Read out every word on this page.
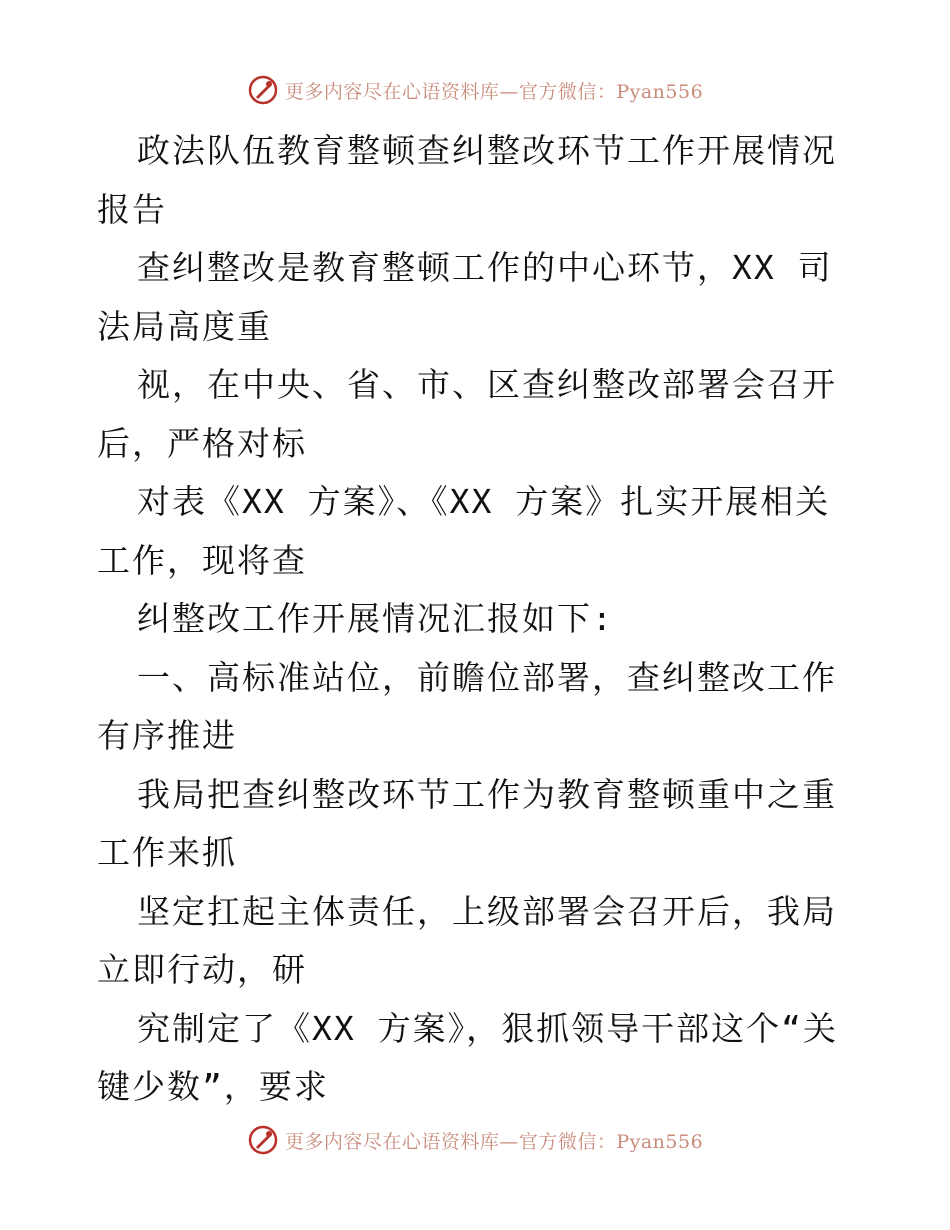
更多内容尽在心语资料库—官方微信：Pyan556

政法队伍教育整顿查纠整改环节工作开展情况报告

查纠整改是教育整顿工作的中心环节，XX 司法局高度重

视，在中央、省、市、区查纠整改部署会召开后，严格对标

对表《XX 方案》、《XX 方案》扎实开展相关工作，现将查

纠整改工作开展情况汇报如下:

一、高标准站位，前瞻位部署，查纠整改工作有序推进

我局把查纠整改环节工作为教育整顿重中之重工作来抓

坚定扛起主体责任，上级部署会召开后，我局立即行动，研

究制定了《XX 方案》，狠抓领导干部这个“关键少数”，要求

更多内容尽在心语资料库—官方微信：Pyan556
